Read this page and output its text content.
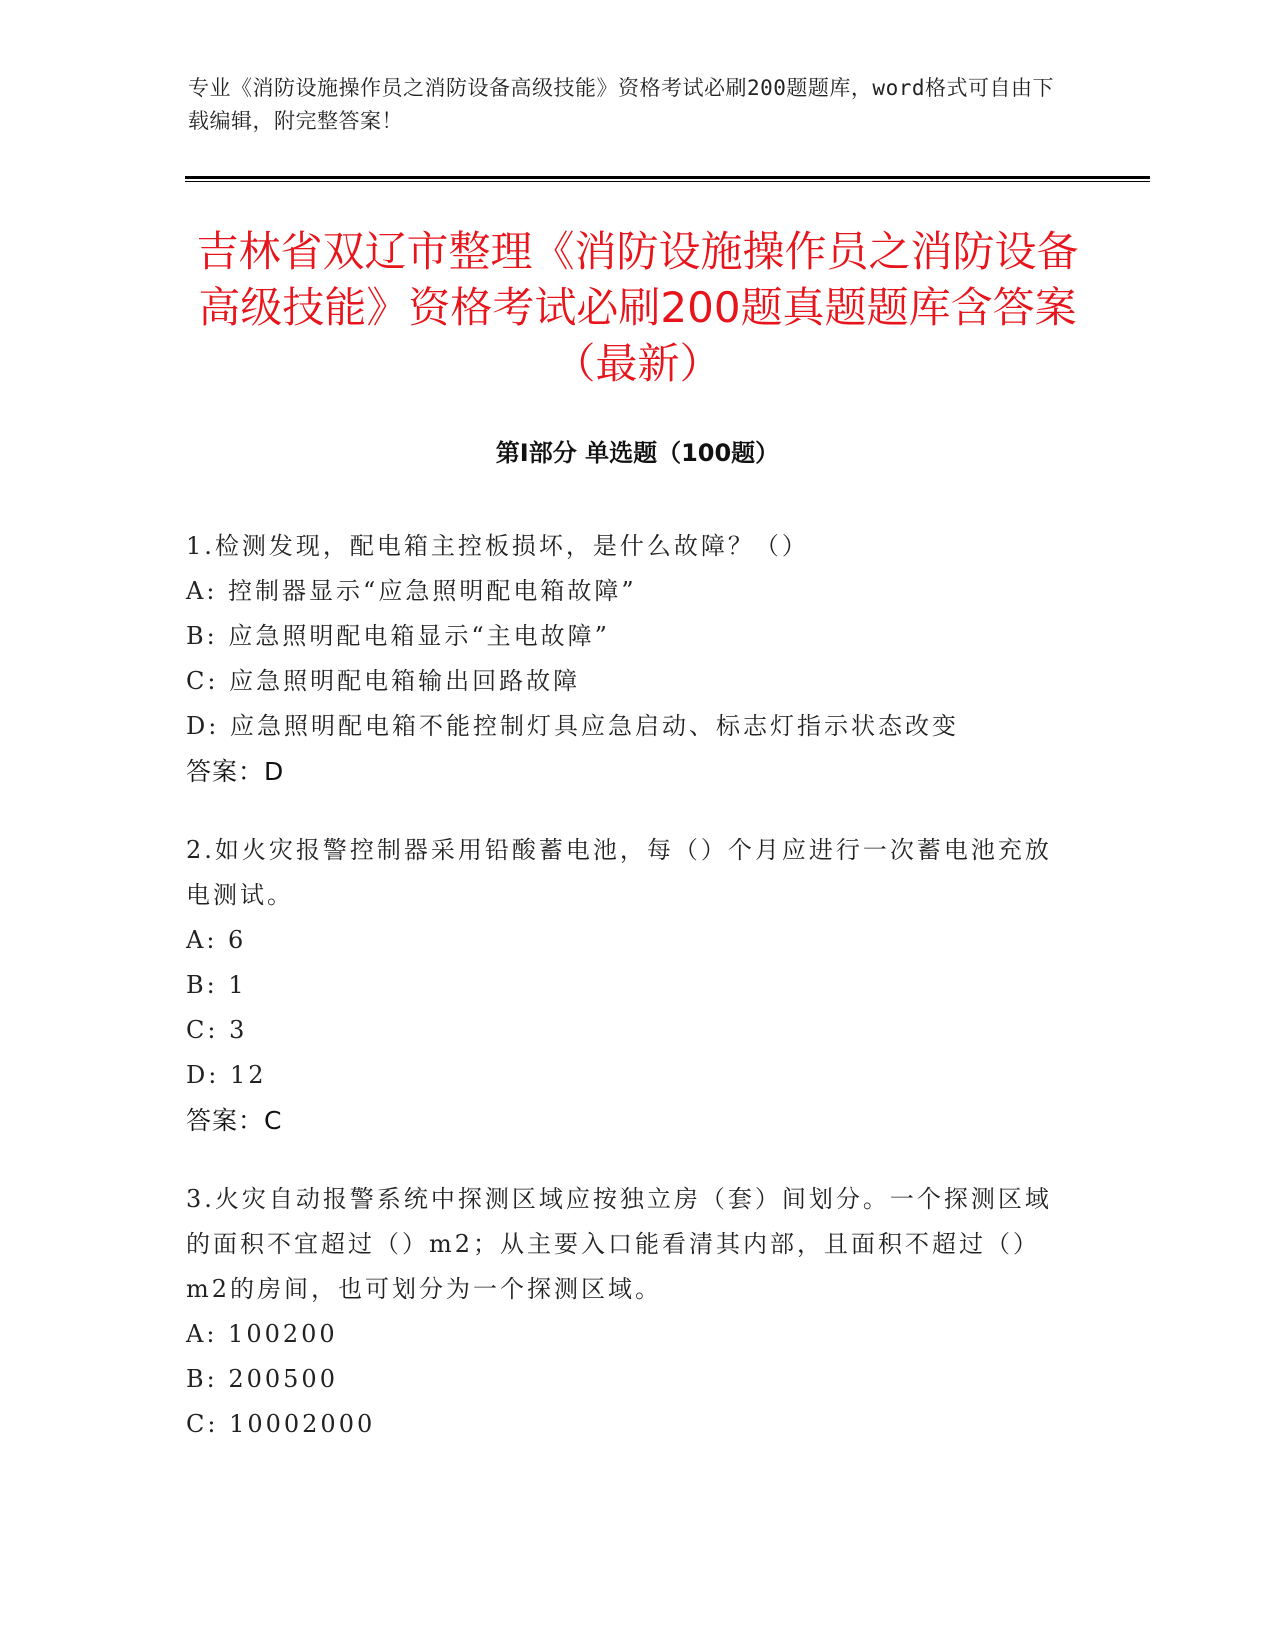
专业《消防设施操作员之消防设备高级技能》资格考试必刷200题题库，word格式可自由下载编辑，附完整答案！
吉林省双辽市整理《消防设施操作员之消防设备高级技能》资格考试必刷200题真题题库含答案（最新）
第I部分 单选题（100题）
1.检测发现，配电箱主控板损坏，是什么故障？（）
A: 控制器显示“应急照明配电箱故障”
B: 应急照明配电箱显示“主电故障”
C: 应急照明配电箱输出回路故障
D: 应急照明配电箱不能控制灯具应急启动、标志灯指示状态改变
答案：D
2.如火灾报警控制器采用铅酸蓄电池，每（）个月应进行一次蓄电池充放电测试。
A: 6
B: 1
C: 3
D: 12
答案：C
3.火灾自动报警系统中探测区域应按独立房（套）间划分。一个探测区域的面积不宜超过（）m2；从主要入口能看清其内部，且面积不超过（）m2的房间，也可划分为一个探测区域。
A: 100200
B: 200500
C: 10002000
